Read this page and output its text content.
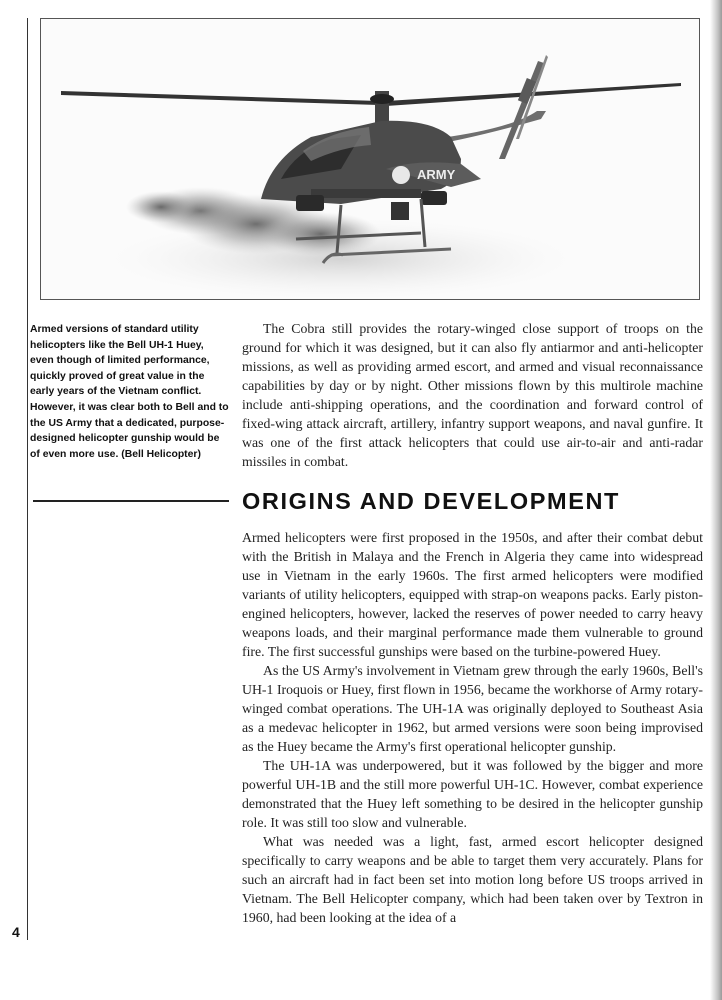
ARMY
Armed versions of standard utility helicopters like the Bell UH-1 Huey, even though of limited performance, quickly proved of great value in the early years of the Vietnam conflict. However, it was clear both to Bell and to the US Army that a dedicated, purpose-designed helicopter gunship would be of even more use. (Bell Helicopter)

The Cobra still provides the rotary-winged close support of troops on the ground for which it was designed, but it can also fly antiarmor and anti-helicopter missions, as well as providing armed escort, and armed and visual reconnaissance capabilities by day or by night. Other missions flown by this multirole machine include anti-shipping operations, and the coordination and forward control of fixed-wing attack aircraft, artillery, infantry support weapons, and naval gunfire. It was one of the first attack helicopters that could use air-to-air and anti-radar missiles in combat.

ORIGINS AND DEVELOPMENT

Armed helicopters were first proposed in the 1950s, and after their combat debut with the British in Malaya and the French in Algeria they came into widespread use in Vietnam in the early 1960s. The first armed helicopters were modified variants of utility helicopters, equipped with strap-on weapons packs. Early piston-engined helicopters, however, lacked the reserves of power needed to carry heavy weapons loads, and their marginal performance made them vulnerable to ground fire. The first successful gunships were based on the turbine-powered Huey.

As the US Army's involvement in Vietnam grew through the early 1960s, Bell's UH-1 Iroquois or Huey, first flown in 1956, became the workhorse of Army rotary-winged combat operations. The UH-1A was originally deployed to Southeast Asia as a medevac helicopter in 1962, but armed versions were soon being improvised as the Huey became the Army's first operational helicopter gunship.

The UH-1A was underpowered, but it was followed by the bigger and more powerful UH-1B and the still more powerful UH-1C. However, combat experience demonstrated that the Huey left something to be desired in the helicopter gunship role. It was still too slow and vulnerable.

What was needed was a light, fast, armed escort helicopter designed specifically to carry weapons and be able to target them very accurately. Plans for such an aircraft had in fact been set into motion long before US troops arrived in Vietnam. The Bell Helicopter company, which had been taken over by Textron in 1960, had been looking at the idea of a

4
